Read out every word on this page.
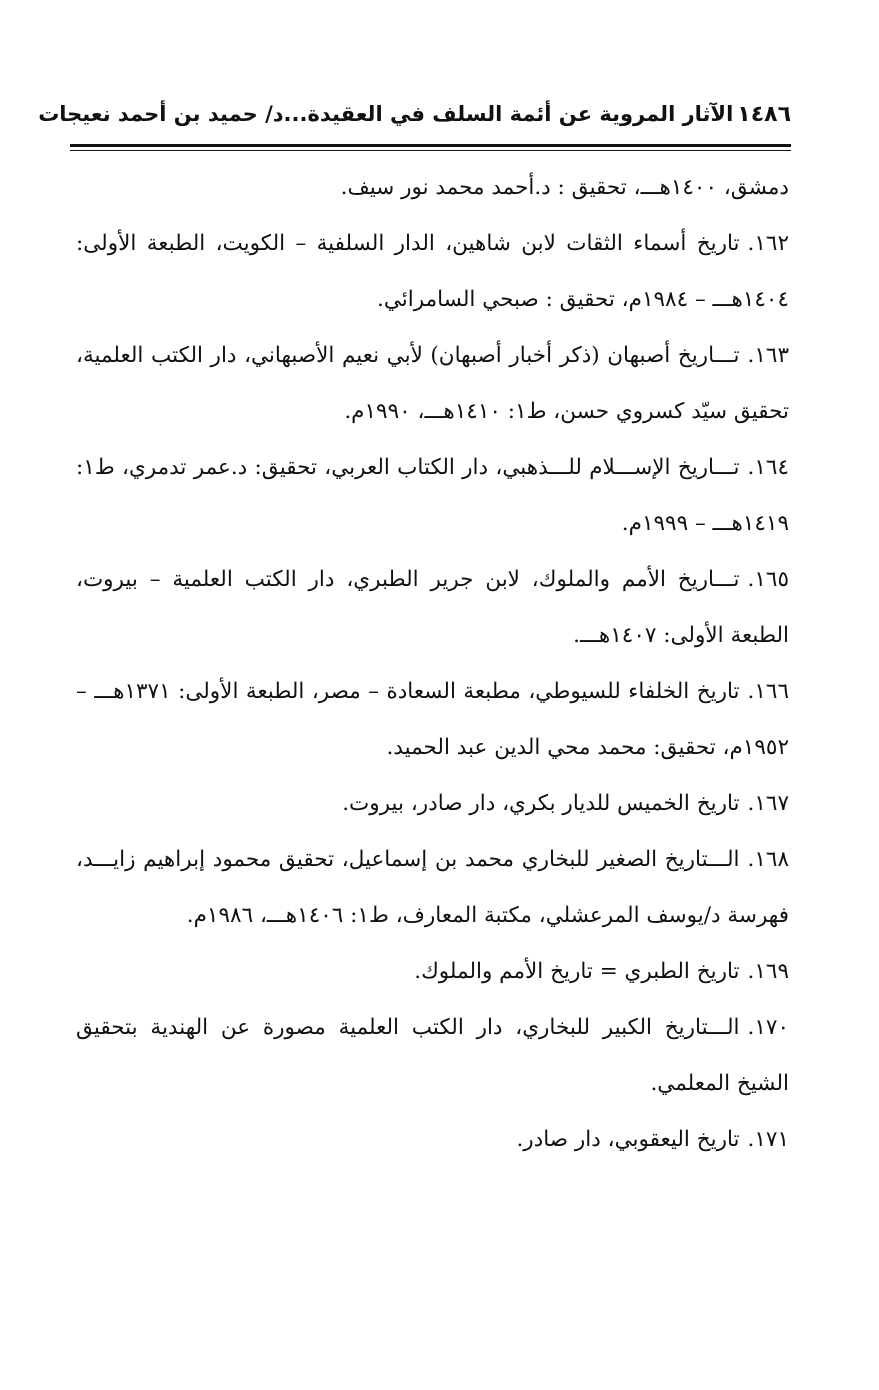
١٤٨٦
الآثار المروية عن أئمة السلف في العقيدة...د/ حميد بن أحمد نعيجات

دمشق، ١٤٠٠هـــ، تحقيق : د.أحمد محمد نور سيف.

١٦٢.تاريخ أسماء الثقات لابن شاهين، الدار السلفية – الكويت، الطبعة الأولى: ١٤٠٤هـــ – ١٩٨٤م، تحقيق : صبحي السامرائي.

١٦٣.تـــاريخ أصبهان (ذكر أخبار أصبهان) لأبي نعيم الأصبهاني، دار الكتب العلمية، تحقيق سيّد كسروي حسن، ط١: ١٤١٠هـــ، ١٩٩٠م.

١٦٤.تـــاريخ الإســـلام للـــذهبي، دار الكتاب العربي، تحقيق: د.عمر تدمري، ط١: ١٤١٩هـــ – ١٩٩٩م.

١٦٥.تـــاريخ الأمم والملوك، لابن جرير الطبري، دار الكتب العلمية – بيروت، الطبعة الأولى: ١٤٠٧هـــ.

١٦٦.تاريخ الخلفاء للسيوطي، مطبعة السعادة – مصر، الطبعة الأولى: ١٣٧١هـــ – ١٩٥٢م، تحقيق: محمد محي الدين عبد الحميد.

١٦٧.تاريخ الخميس للديار بكري، دار صادر، بيروت.

١٦٨.الـــتاريخ الصغير للبخاري محمد بن إسماعيل، تحقيق محمود إبراهيم زايـــد، فهرسة د/يوسف المرعشلي، مكتبة المعارف، ط١: ١٤٠٦هـــ، ١٩٨٦م.

١٦٩.تاريخ الطبري = تاريخ الأمم والملوك.

١٧٠.الـــتاريخ الكبير للبخاري، دار الكتب العلمية مصورة عن الهندية بتحقيق الشيخ المعلمي.

١٧١.تاريخ اليعقوبي، دار صادر.
